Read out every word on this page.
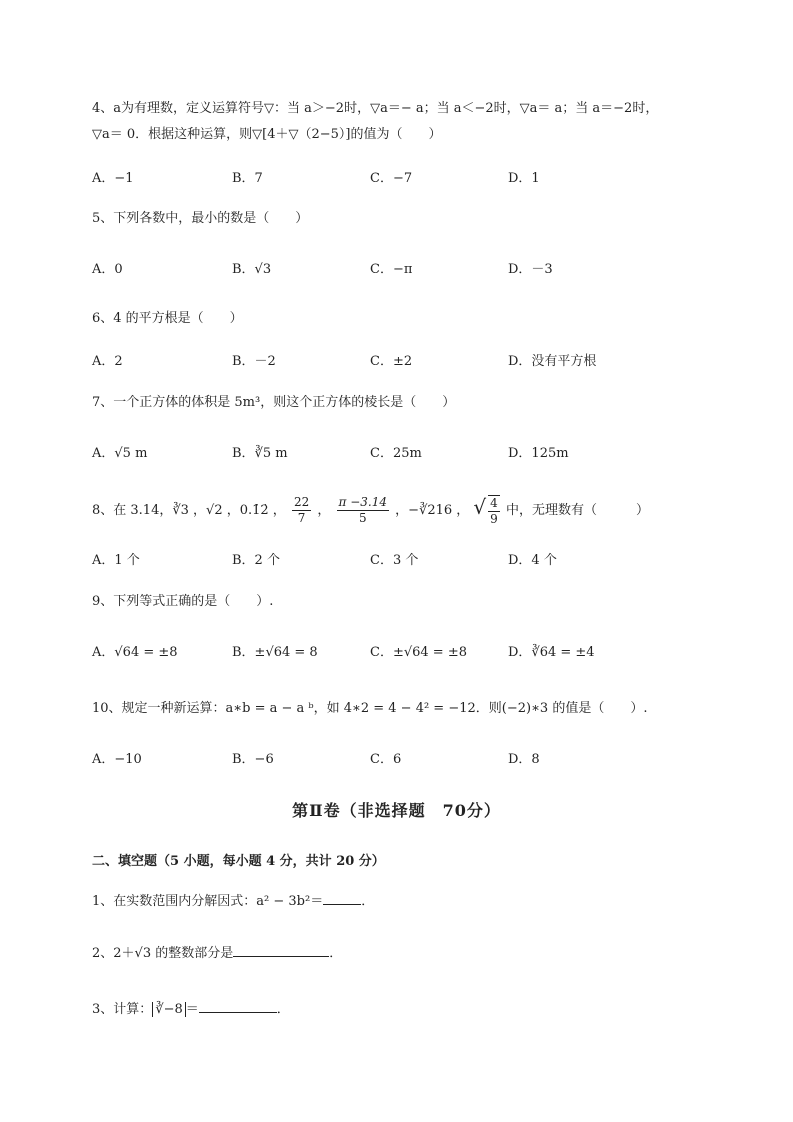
4、a为有理数，定义运算符号▽：当 a＞−2时，▽a＝− a；当 a＜−2时，▽a＝ a；当 a＝−2时，
▽a＝ 0．根据这种运算，则▽[4＋▽（2−5）]的值为（　　）
A．−1	B．7	C．−7	D．1
5、下列各数中，最小的数是（　　）
A．0	B．√3	C．−π	D．－3
6、4 的平方根是（　　）
A．2	B．－2	C．±2	D．没有平方根
7、一个正方体的体积是 5m³，则这个正方体的棱长是（　　）
A．√5 m	B．∛5 m	C．25m	D．125m
8、在 3.14，∛3 ，√2 ，0.1̇2̇ ， $\frac{22}{7}$ ， $\frac{\pi -3.14}{5}$ ，−∛216 ， √ $\frac{4}{9}$ 中，无理数有（　　　）
A．1 个	B．2 个	C．3 个	D．4 个
9、下列等式正确的是（　　）.
A．√64 = ±8	B．±√64 = 8	C．±√64 = ±8	D．∛64 = ±4
10、规定一种新运算：a∗b = a − a ᵇ，如 4∗2 = 4 − 4² = −12．则(−2)∗3 的值是（　　）.
A．−10	B．−6	C．6	D．8
第Ⅱ卷（非选择题　70分）
二、填空题（5 小题，每小题 4 分，共计 20 分）
1、在实数范围内分解因式：a² − 3b²＝	．
2、2＋√3 的整数部分是	．
3、计算： ∛−8 ＝	．
